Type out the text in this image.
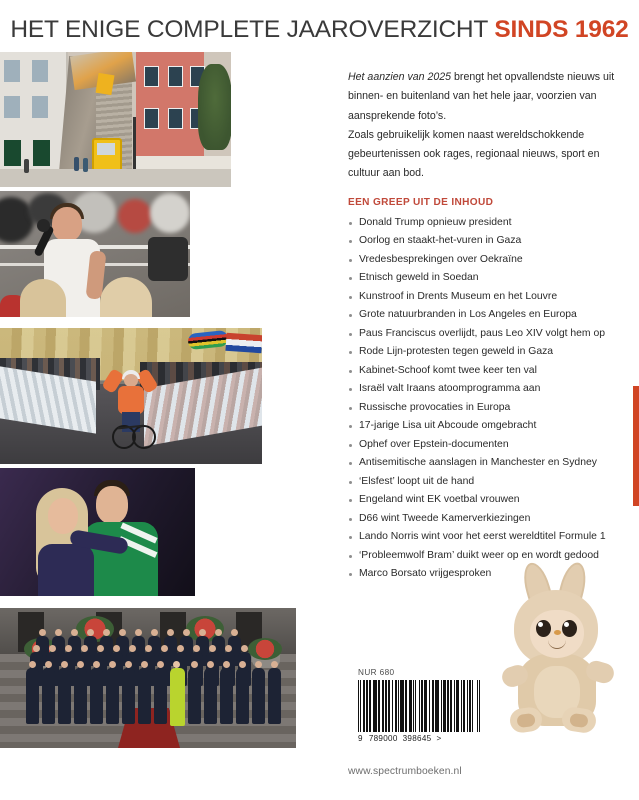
HET ENIGE COMPLETE JAAROVERZICHT SINDS 1962

Het aanzien van 2025 brengt het opvallendste nieuws uit binnen- en buitenland van het hele jaar, voorzien van aansprekende foto’s.

Zoals gebruikelijk komen naast wereldschokkende gebeurtenissen ook rages, regionaal nieuws, sport en cultuur aan bod.

EEN GREEP UIT DE INHOUD
Donald Trump opnieuw president
Oorlog en staakt-het-vuren in Gaza
Vredesbesprekingen over Oekraïne
Etnisch geweld in Soedan
Kunstroof in Drents Museum en het Louvre
Grote natuurbranden in Los Angeles en Europa
Paus Franciscus overlijdt, paus Leo XIV volgt hem op
Rode Lijn-protesten tegen geweld in Gaza
Kabinet-Schoof komt twee keer ten val
Israël valt Iraans atoomprogramma aan
Russische provocaties in Europa
17-jarige Lisa uit Abcoude omgebracht
Ophef over Epstein-documenten
Antisemitische aanslagen in Manchester en Sydney
‘Elsfest’ loopt uit de hand
Engeland wint EK voetbal vrouwen
D66 wint Tweede Kamerverkiezingen
Lando Norris wint voor het eerst wereldtitel Formule 1
‘Probleemwolf Bram’ duikt weer op en wordt gedood
Marco Borsato vrijgesproken
NUR 680
9 789000 398645 >
www.spectrumboeken.nl
